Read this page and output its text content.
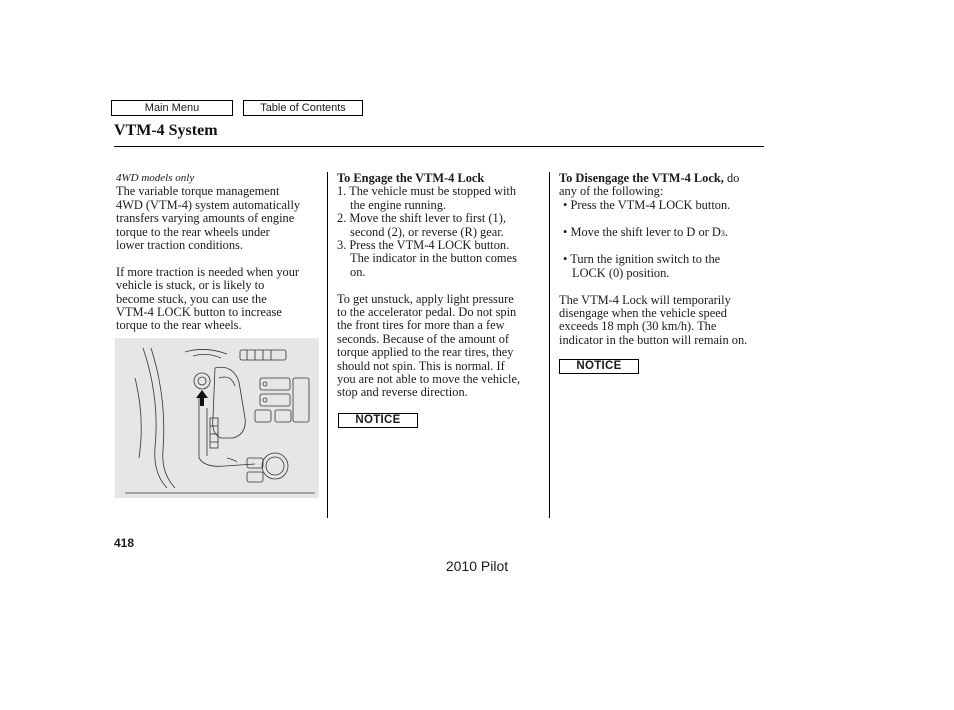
Main Menu	Table of Contents
VTM-4 System

4WD models only

The variable torque management

4WD (VTM-4) system automatically

transfers varying amounts of engine

torque to the rear wheels under

lower traction conditions.

If more traction is needed when your

vehicle is stuck, or is likely to

become stuck, you can use the

VTM-4 LOCK button to increase

torque to the rear wheels.

To Engage the VTM-4 Lock

1. The vehicle must be stopped with
the engine running.

2. Move the shift lever to first (1),
second (2), or reverse (R) gear.

3. Press the VTM-4 LOCK button.
The indicator in the button comes
on.

To get unstuck, apply light pressure

to the accelerator pedal. Do not spin

the front tires for more than a few

seconds. Because of the amount of

torque applied to the rear tires, they

should not spin. This is normal. If

you are not able to move the vehicle,

stop and reverse direction.

NOTICE

To Disengage the VTM-4 Lock, do
any of the following:

• Press the VTM-4 LOCK button.

• Move the shift lever to D or D3.

• Turn the ignition switch to the
LOCK (0) position.

The VTM-4 Lock will temporarily

disengage when the vehicle speed

exceeds 18 mph (30 km/h). The

indicator in the button will remain on.

NOTICE
418
2010 Pilot
